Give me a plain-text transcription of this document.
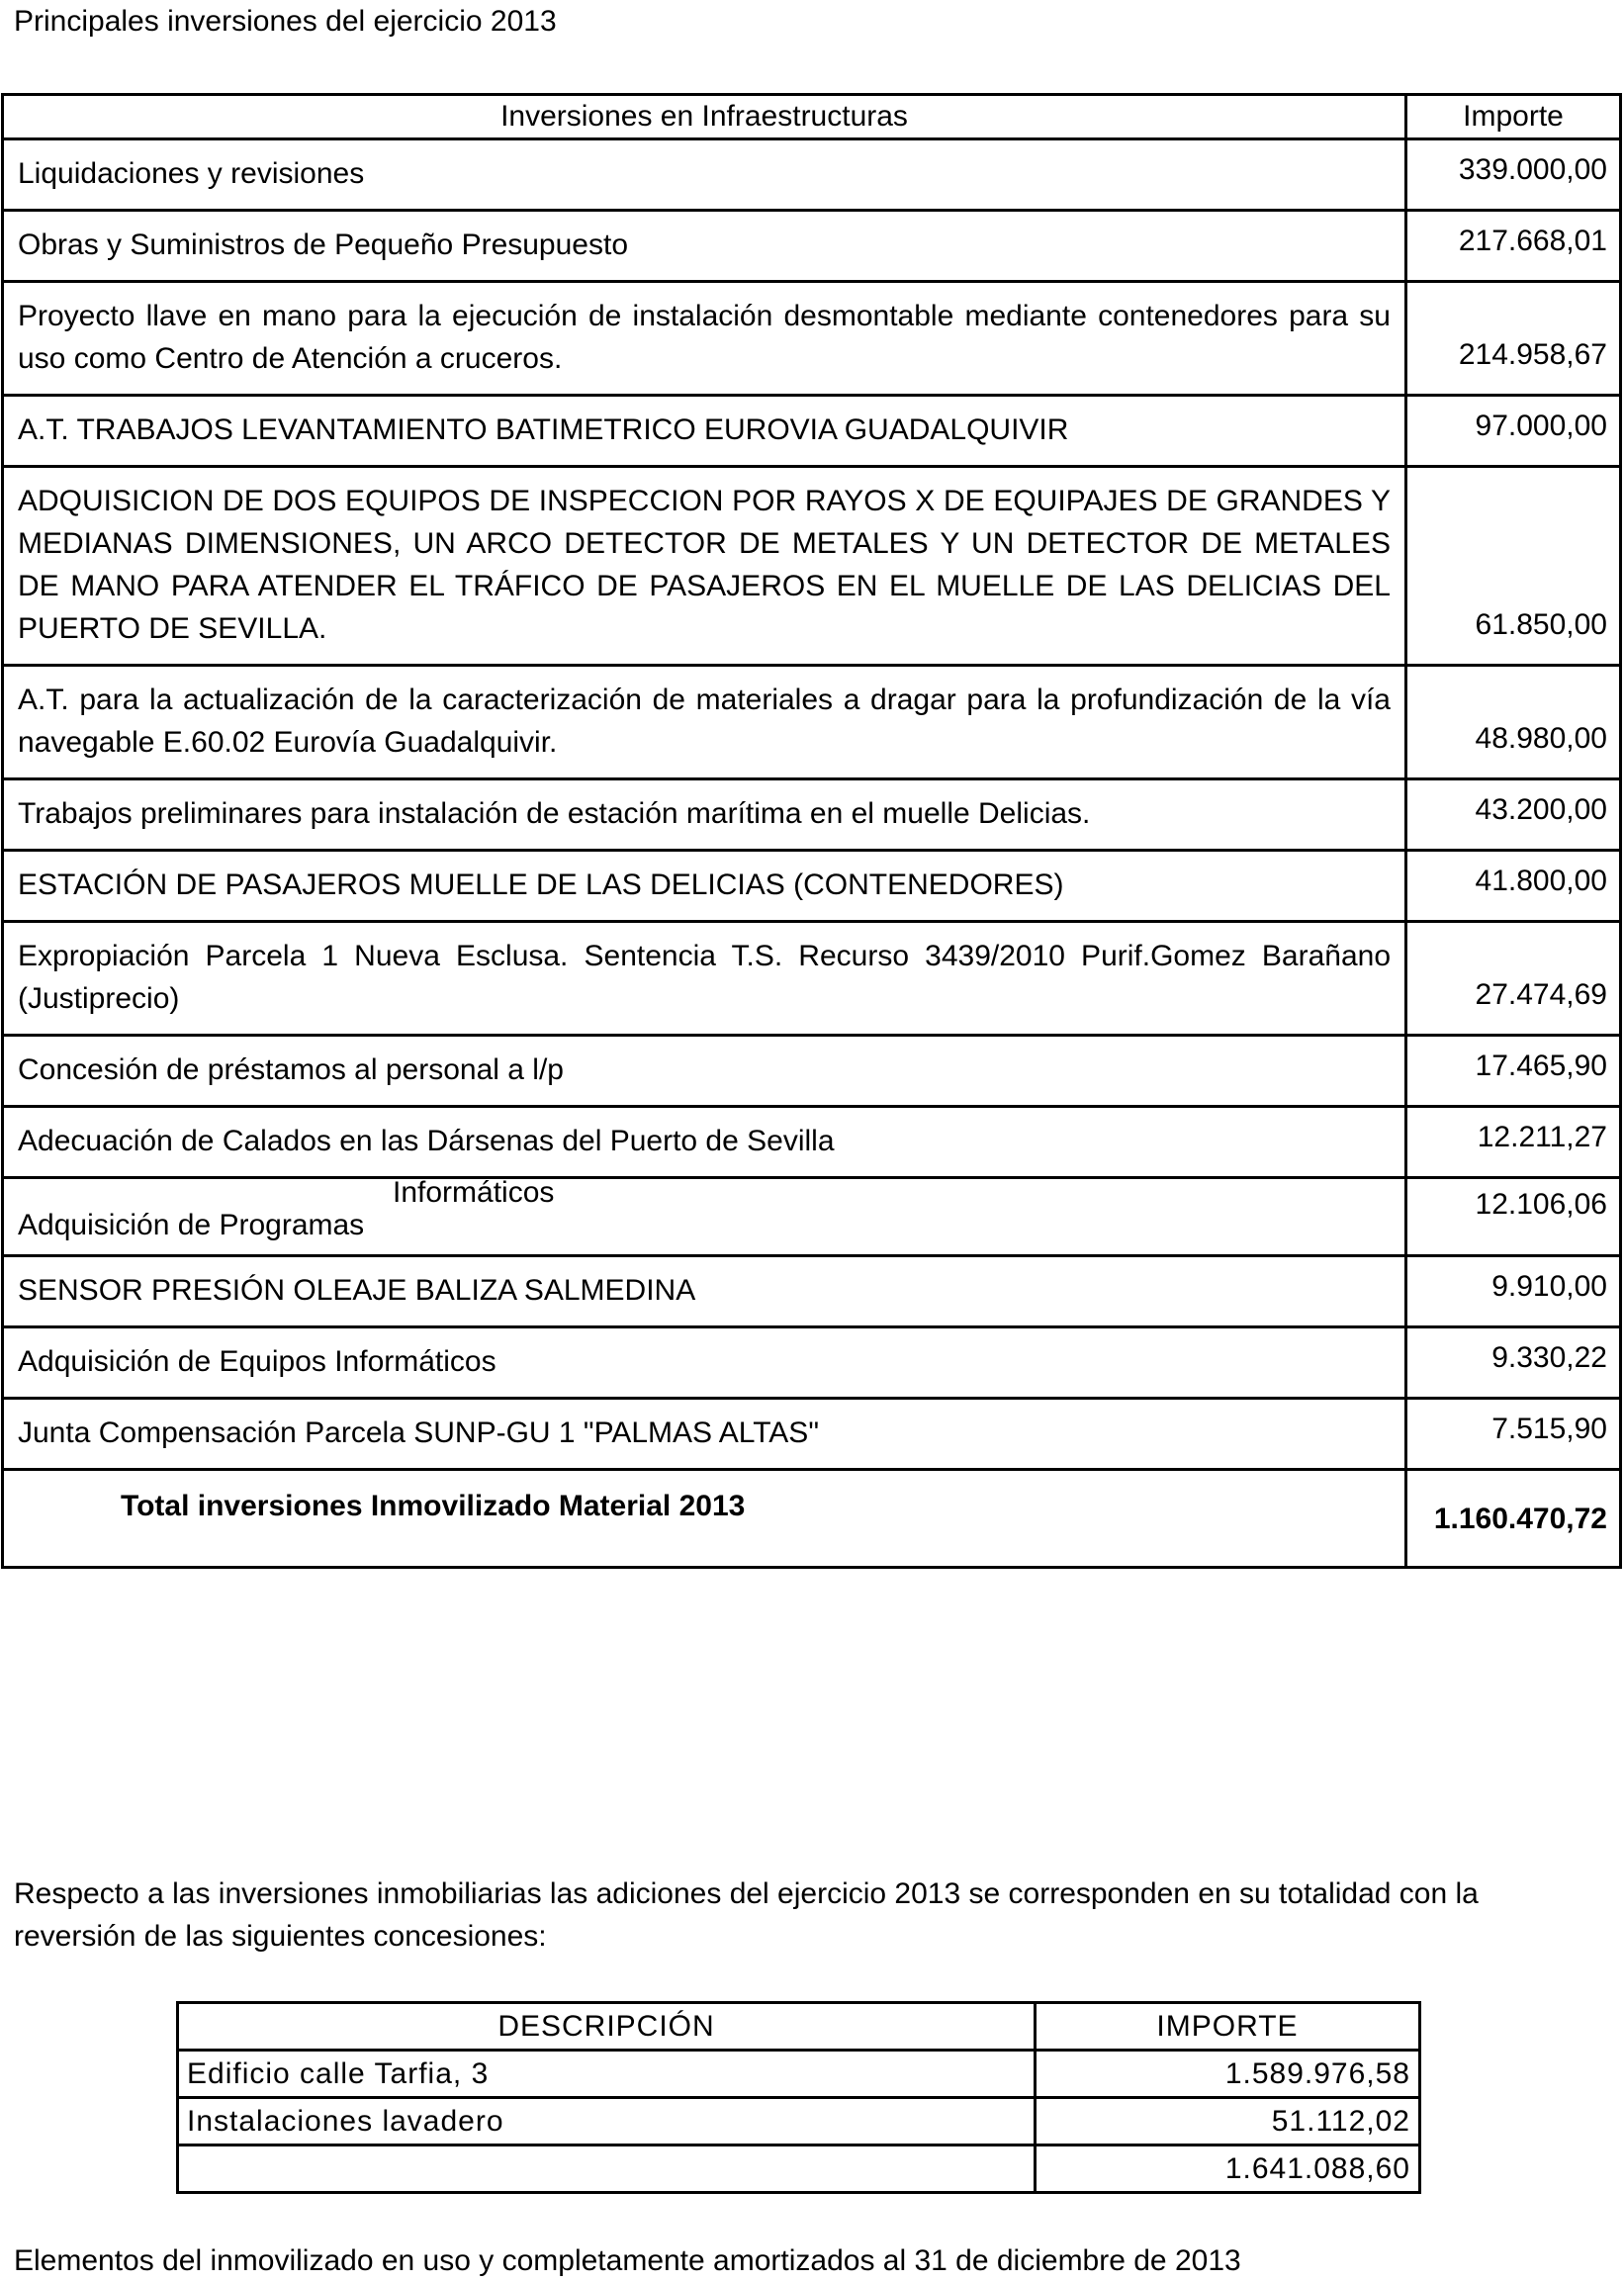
Principales inversiones del ejercicio 2013
Inversiones en Infraestructuras	Importe
Liquidaciones y revisiones	339.000,00
Obras y Suministros de Pequeño Presupuesto	217.668,01
Proyecto llave en mano para la ejecución de instalación desmontable mediante contenedores para su uso como Centro de Atención a cruceros.	214.958,67
A.T. TRABAJOS LEVANTAMIENTO BATIMETRICO EUROVIA GUADALQUIVIR	97.000,00
ADQUISICION DE DOS EQUIPOS DE INSPECCION POR RAYOS X DE EQUIPAJES DE GRANDES Y MEDIANAS DIMENSIONES, UN ARCO DETECTOR DE METALES Y UN DETECTOR DE METALES DE MANO PARA ATENDER EL TRÁFICO DE PASAJEROS EN EL MUELLE DE LAS DELICIAS DEL PUERTO DE SEVILLA.	61.850,00
A.T. para la actualización de la caracterización de materiales a dragar para la profundización de la vía navegable E.60.02 Eurovía Guadalquivir.	48.980,00
Trabajos preliminares para instalación de estación marítima en el muelle Delicias.	43.200,00
ESTACIÓN DE PASAJEROS MUELLE DE LAS DELICIAS (CONTENEDORES)	41.800,00
Expropiación Parcela 1 Nueva Esclusa. Sentencia T.S. Recurso 3439/2010 Purif.Gomez Barañano (Justiprecio)	27.474,69
Concesión de préstamos al personal a l/p	17.465,90
Adecuación de Calados en las Dársenas del Puerto de Sevilla	12.211,27

Adquisición de Programas
Informáticos	12.106,06
SENSOR PRESIÓN OLEAJE BALIZA SALMEDINA	9.910,00
Adquisición de Equipos Informáticos	9.330,22
Junta Compensación Parcela SUNP-GU 1 "PALMAS ALTAS"	7.515,90
Total inversiones Inmovilizado Material 2013	1.160.470,72
Respecto a las inversiones inmobiliarias las adiciones del ejercicio 2013 se corresponden en su totalidad con la reversión de las siguientes concesiones:
DESCRIPCIÓN	IMPORTE
Edificio calle Tarfia, 3	1.589.976,58
Instalaciones lavadero	51.112,02
	1.641.088,60
Elementos del inmovilizado en uso y completamente amortizados al 31 de diciembre de 2013
